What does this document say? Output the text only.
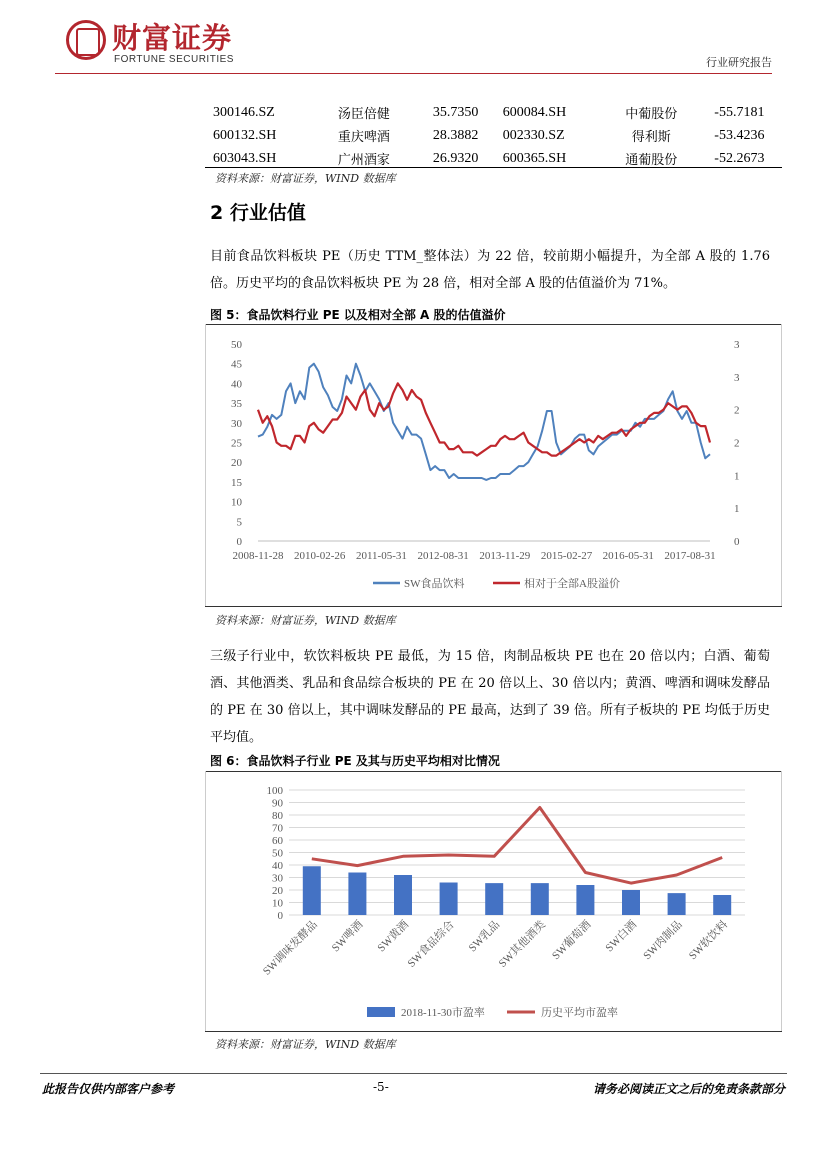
财富证券
FORTUNE SECURITIES	行业研究报告
300146.SZ	汤臣倍健	35.7350	600084.SH	中葡股份	-55.7181
600132.SH	重庆啤酒	28.3882	002330.SZ	得利斯	-53.4236
603043.SH	广州酒家	26.9320	600365.SH	通葡股份	-52.2673
资料来源：财富证券，WIND 数据库
2 行业估值
目前食品饮料板块 PE（历史 TTM_整体法）为 22 倍，较前期小幅提升，为全部 A 股的 1.76 倍。历史平均的食品饮料板块 PE 为 28 倍，相对全部 A 股的估值溢价为 71%。
图 5：食品饮料行业 PE 以及相对全部 A 股的估值溢价
0
5
10
15
20
25
30
35
40
45
50
0
1
1
2
2
3
3
2008-11-28 2010-02-26 2011-05-31 2012-08-31 2013-11-29 2015-02-27 2016-05-31 2017-08-31
SW食品饮料	相对于全部A股溢价
资料来源：财富证券，WIND 数据库
三级子行业中，软饮料板块 PE 最低，为 15 倍，肉制品板块 PE 也在 20 倍以内；白酒、葡萄酒、其他酒类、乳品和食品综合板块的 PE 在 20 倍以上、30 倍以内；黄酒、啤酒和调味发酵品的 PE 在 30 倍以上，其中调味发酵品的 PE 最高，达到了 39 倍。所有子板块的 PE 均低于历史平均值。
图 6：食品饮料子行业 PE 及其与历史平均相对比情况
0
10
20
30
40
50
60
70
80
90
100
SW调味发酵品 SW啤酒 SW黄酒
SW食品综合 SW乳品
SW其他酒类 SW葡萄酒 SW白酒 SW肉制品 SW软饮料
2018-11-30市盈率	历史平均市盈率
资料来源：财富证券，WIND 数据库
此报告仅供内部客户参考	-5-	请务必阅读正文之后的免责条款部分
